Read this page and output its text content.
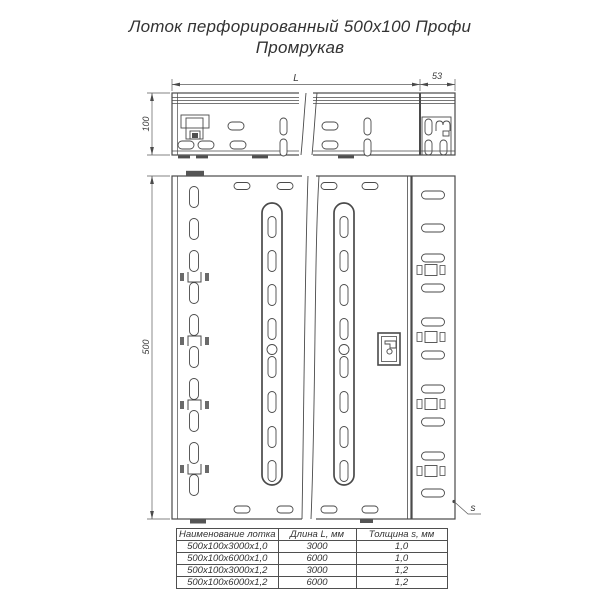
Лоток перфорированный 500х100 Профи
Промрукав
L	53
100
500
s
Наименование лотка	Длина L, мм	Толщина s, мм
500х100х3000х1,0	3000	1,0
500х100х6000х1,0	6000	1,0
500х100х3000х1,2	3000	1,2
500х100х6000х1,2	6000	1,2
